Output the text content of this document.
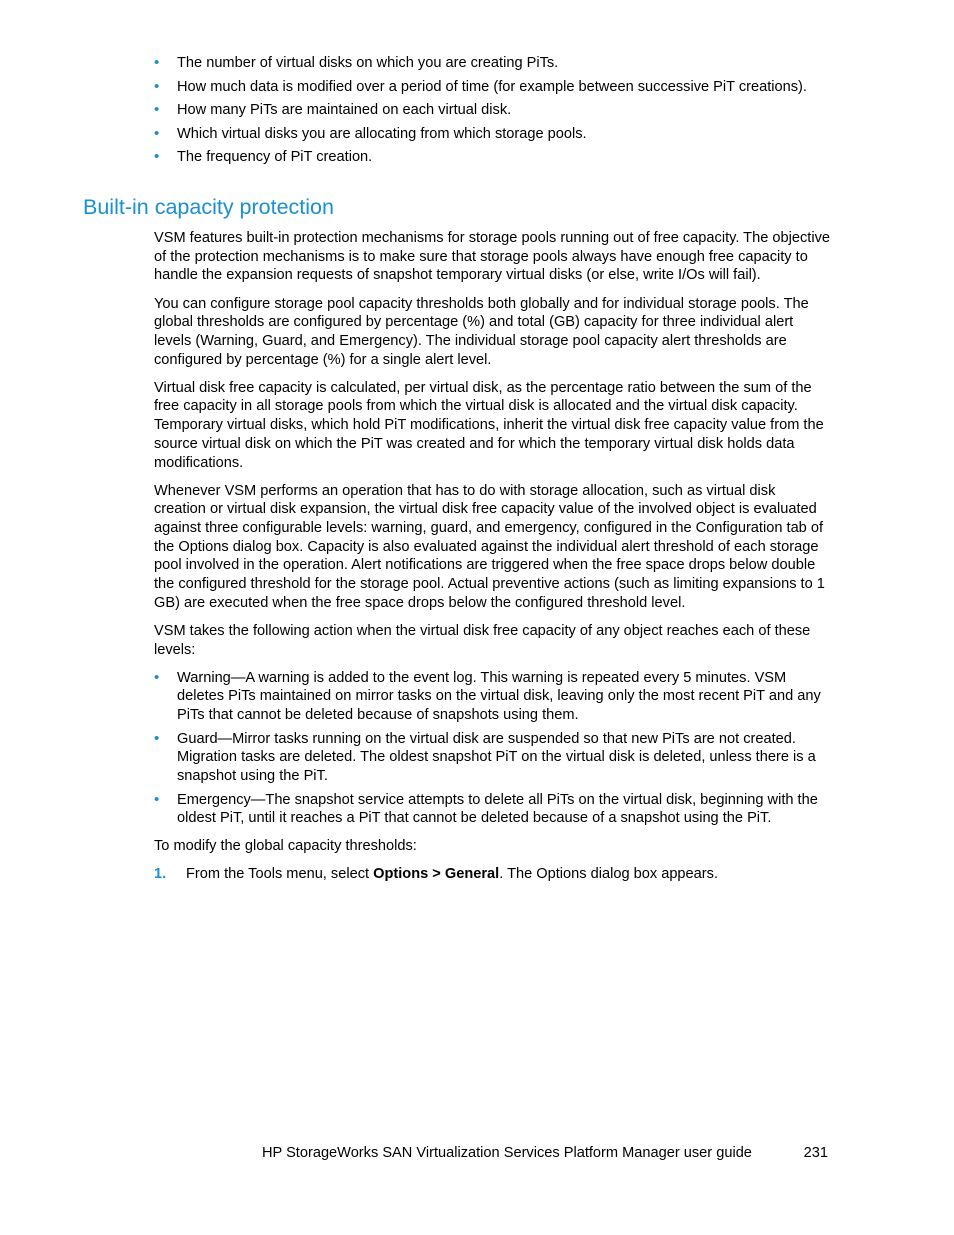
• The number of virtual disks on which you are creating PiTs.
• How much data is modified over a period of time (for example between successive PiT creations).
• How many PiTs are maintained on each virtual disk.
• Which virtual disks you are allocating from which storage pools.
• The frequency of PiT creation.
Built-in capacity protection

VSM features built-in protection mechanisms for storage pools running out of free capacity. The objective of the protection mechanisms is to make sure that storage pools always have enough free capacity to handle the expansion requests of snapshot temporary virtual disks (or else, write I/Os will fail).

You can configure storage pool capacity thresholds both globally and for individual storage pools. The global thresholds are configured by percentage (%) and total (GB) capacity for three individual alert levels (Warning, Guard, and Emergency). The individual storage pool capacity alert thresholds are configured by percentage (%) for a single alert level.

Virtual disk free capacity is calculated, per virtual disk, as the percentage ratio between the sum of the free capacity in all storage pools from which the virtual disk is allocated and the virtual disk capacity. Temporary virtual disks, which hold PiT modifications, inherit the virtual disk free capacity value from the source virtual disk on which the PiT was created and for which the temporary virtual disk holds data modifications.

Whenever VSM performs an operation that has to do with storage allocation, such as virtual disk creation or virtual disk expansion, the virtual disk free capacity value of the involved object is evaluated against three configurable levels: warning, guard, and emergency, configured in the Configuration tab of the Options dialog box. Capacity is also evaluated against the individual alert threshold of each storage pool involved in the operation. Alert notifications are triggered when the free space drops below double the configured threshold for the storage pool. Actual preventive actions (such as limiting expansions to 1 GB) are executed when the free space drops below the configured threshold level.

VSM takes the following action when the virtual disk free capacity of any object reaches each of these levels:

• Warning—A warning is added to the event log. This warning is repeated every 5 minutes. VSM deletes PiTs maintained on mirror tasks on the virtual disk, leaving only the most recent PiT and any PiTs that cannot be deleted because of snapshots using them.
• Guard—Mirror tasks running on the virtual disk are suspended so that new PiTs are not created. Migration tasks are deleted. The oldest snapshot PiT on the virtual disk is deleted, unless there is a snapshot using the PiT.
• Emergency—The snapshot service attempts to delete all PiTs on the virtual disk, beginning with the oldest PiT, until it reaches a PiT that cannot be deleted because of a snapshot using the PiT.

To modify the global capacity thresholds:

1. From the Tools menu, select Options > General. The Options dialog box appears.
HP StorageWorks SAN Virtualization Services Platform Manager user guide	231
